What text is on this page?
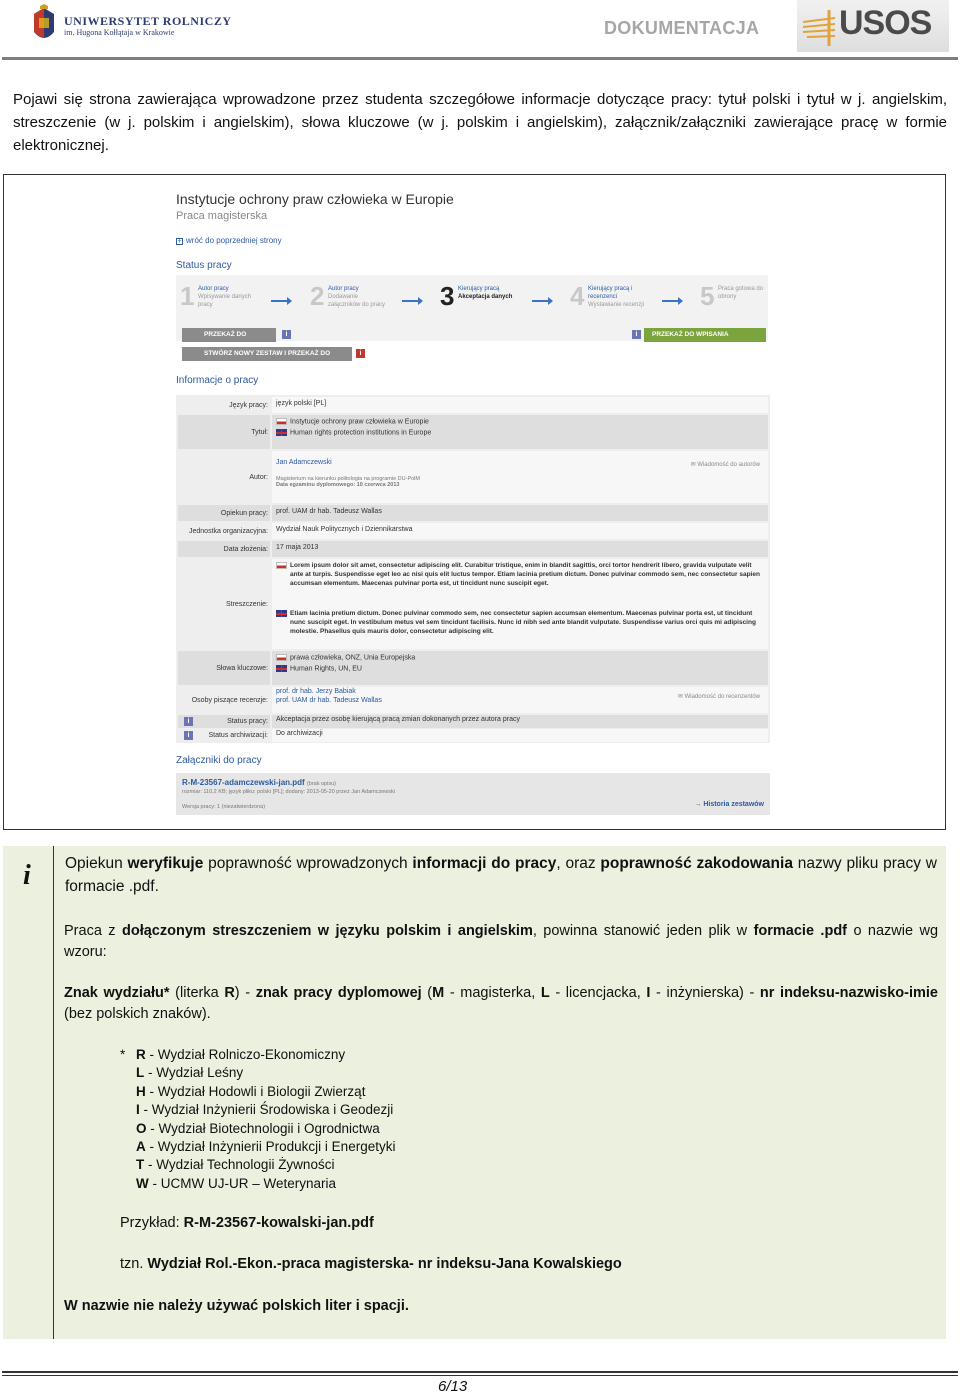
UNIWERSYTET ROLNICZY
im. Hugona Kołłątaja w Krakowie	DOKUMENTACJA USOS

Pojawi się strona zawierająca wprowadzone przez studenta szczegółowe informacje dotyczące pracy: tytuł polski i tytuł w j. angielskim, streszczenie (w j. polskim i angielskim), słowa kluczowe (w j. polskim i angielskim), załącznik/załączniki zawierające pracę w formie elektronicznej.

Instytucje ochrony praw człowieka w Europie
Praca magisterska
+ wróć do poprzedniej strony
Status pracy
1 Autor pracy
Wpisywanie danych pracy	2 Autor pracy
Dodawanie załączników do pracy 3 Kierujący pracą
Akceptacja danych 4 Kierujący pracą i recenzenci
Wystawianie recenzji 5 Praca gotowa do obrony
PRZEKAŻ DO	i	i	PRZEKAŻ DO WPISANIA RECENZJI
STWÓRZ NOWY ZESTAW I PRZEKAŻ DO POPRAWY
i
Informacje o pracy
Język pracy:	język polski [PL]
Tytuł:
Instytucje ochrony praw człowieka w Europie
Human rights protection institutions in Europe
Autor:
Jan Adamczewski
Magisterium na kierunku politologia na programie DU-PolM
Data egzaminu dyplomowego: 10 czerwca 2013
✉ Wiadomość do autorów
Opiekun pracy:	prof. UAM dr hab. Tadeusz Wallas
Jednostka organizacyjna:	Wydział Nauk Politycznych i Dziennikarstwa
Data złożenia:	17 maja 2013
Streszczenie:
Lorem ipsum dolor sit amet, consectetur adipiscing elit. Curabitur tristique, enim in blandit sagittis, orci tortor hendrerit libero, gravida vulputate velit ante at turpis. Suspendisse eget leo ac nisi quis elit luctus tempor. Etiam lacinia pretium dictum. Donec pulvinar commodo sem, nec consectetur sapien accumsan elementum. Maecenas pulvinar porta est, ut tincidunt nunc suscipit eget.
Etiam lacinia pretium dictum. Donec pulvinar commodo sem, nec consectetur sapien accumsan elementum. Maecenas pulvinar porta est, ut tincidunt nunc suscipit eget. In vestibulum metus vel sem tincidunt facilisis. Nunc id nibh sed ante blandit vulputate. Suspendisse varius orci quis mi adipiscing molestie. Phasellus quis mauris dolor, consectetur adipiscing elit.
Słowa kluczowe:
prawa człowieka, ONZ, Unia Europejska
Human Rights, UN, EU
Osoby piszące recenzje:
prof. dr hab. Jerzy Babiak
prof. UAM dr hab. Tadeusz Wallas	✉ Wiadomość do recenzentów
Status pracy:	Akceptacja przez osobę kierującą pracą zmian dokonanych przez autora pracy
i
Status archiwizacji:	Do archiwizacji
i
Załączniki do pracy
R-M-23567-adamczewski-jan.pdf (brak opisu)
rozmiar: 110,2 KB; język pliku: polski [PL]; dodany: 2013-05-20 przez Jan Adamczewski
Wersja pracy: 1 (niezatwierdzona)	→ Historia zestawów
i Opiekun weryfikuje poprawność wprowadzonych informacji do pracy, oraz poprawność zakodowania nazwy pliku pracy w formacie .pdf.

Praca z dołączonym streszczeniem w języku polskim i angielskim, powinna stanowić jeden plik w formacie .pdf o nazwie wg wzoru:

Znak wydziału* (literka R) - znak pracy dyplomowej (M - magisterka, L - licencjacka, I - inżynierska) - nr indeksu-nazwisko-imie (bez polskich znaków).

* R - Wydział Rolniczo-Ekonomiczny
L - Wydział Leśny
H - Wydział Hodowli i Biologii Zwierząt
I - Wydział Inżynierii Środowiska i Geodezji
O - Wydział Biotechnologii i Ogrodnictwa
A - Wydział Inżynierii Produkcji i Energetyki
T - Wydział Technologii Żywności
W - UCMW UJ-UR – Weterynaria

Przykład: R-M-23567-kowalski-jan.pdf

tzn. Wydział Rol.-Ekon.-praca magisterska- nr indeksu-Jana Kowalskiego

W nazwie nie należy używać polskich liter i spacji.

6/13
